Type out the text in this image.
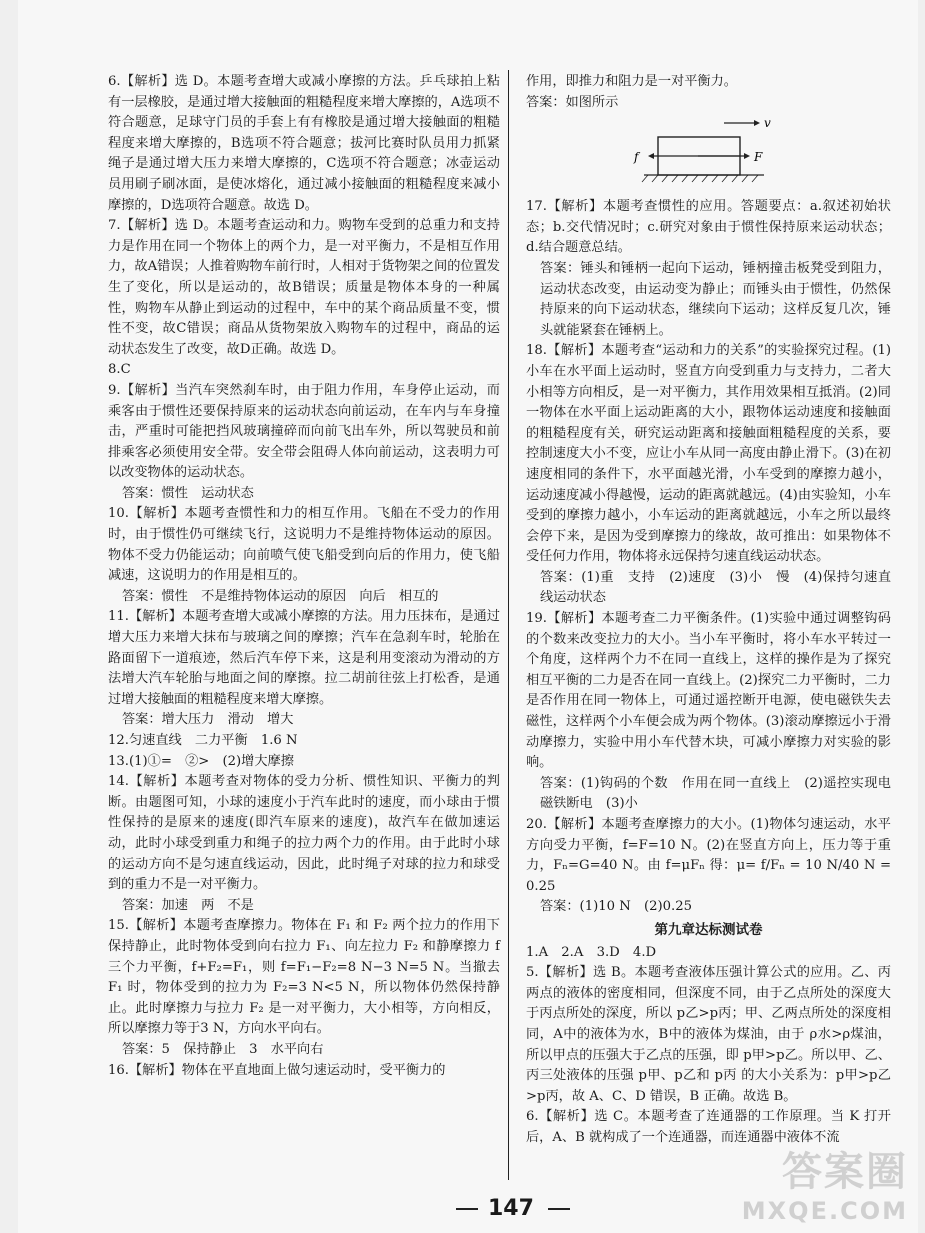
6.【解析】选 D。本题考查增大或减小摩擦的方法。乒乓球拍上粘有一层橡胶，是通过增大接触面的粗糙程度来增大摩擦的，A选项不符合题意，足球守门员的手套上有有橡胶是通过增大接触面的粗糙程度来增大摩擦的，B选项不符合题意；拔河比赛时队员用力抓紧绳子是通过增大压力来增大摩擦的，C选项不符合题意；冰壶运动员用刷子刷冰面，是使冰熔化，通过减小接触面的粗糙程度来减小摩擦的，D选项符合题意。故选 D。

7.【解析】选 D。本题考查运动和力。购物车受到的总重力和支持力是作用在同一个物体上的两个力，是一对平衡力，不是相互作用力，故A错误；人推着购物车前行时，人相对于货物架之间的位置发生了变化，所以是运动的，故B错误；质量是物体本身的一种属性，购物车从静止到运动的过程中，车中的某个商品质量不变，惯性不变，故C错误；商品从货物架放入购物车的过程中，商品的运动状态发生了改变，故D正确。故选 D。

8.C

9.【解析】当汽车突然刹车时，由于阻力作用，车身停止运动，而乘客由于惯性还要保持原来的运动状态向前运动，在车内与车身撞击，严重时可能把挡风玻璃撞碎而向前飞出车外，所以驾驶员和前排乘客必须使用安全带。安全带会阻碍人体向前运动，这表明力可以改变物体的运动状态。

答案：惯性　运动状态

10.【解析】本题考查惯性和力的相互作用。飞船在不受力的作用时，由于惯性仍可继续飞行，这说明力不是维持物体运动的原因。物体不受力仍能运动；向前喷气使飞船受到向后的作用力，使飞船减速，这说明力的作用是相互的。

答案：惯性　不是维持物体运动的原因　向后　相互的

11.【解析】本题考查增大或减小摩擦的方法。用力压抹布，是通过增大压力来增大抹布与玻璃之间的摩擦；汽车在急刹车时，轮胎在路面留下一道痕迹，然后汽车停下来，这是利用变滚动为滑动的方法增大汽车轮胎与地面之间的摩擦。拉二胡前往弦上打松香，是通过增大接触面的粗糙程度来增大摩擦。

答案：增大压力　滑动　增大

12.匀速直线　二力平衡　1.6 N

13.(1)①=　②>　(2)增大摩擦

14.【解析】本题考查对物体的受力分析、惯性知识、平衡力的判断。由题图可知，小球的速度小于汽车此时的速度，而小球由于惯性保持的是原来的速度(即汽车原来的速度)，故汽车在做加速运动，此时小球受到重力和绳子的拉力两个力的作用。由于此时小球的运动方向不是匀速直线运动，因此，此时绳子对球的拉力和球受到的重力不是一对平衡力。

答案：加速　两　不是

15.【解析】本题考查摩擦力。物体在 F₁ 和 F₂ 两个拉力的作用下保持静止，此时物体受到向右拉力 F₁、向左拉力 F₂ 和静摩擦力 f 三个力平衡，f+F₂=F₁，则 f=F₁−F₂=8 N−3 N=5 N。当撤去 F₁ 时，物体受到的拉力为 F₂=3 N<5 N，所以物体仍然保持静止。此时摩擦力与拉力 F₂ 是一对平衡力，大小相等，方向相反，所以摩擦力等于3 N，方向水平向右。

答案：5　保持静止　3　水平向右

16.【解析】物体在平直地面上做匀速运动时，受平衡力的

作用，即推力和阻力是一对平衡力。

答案：如图所示

v
f	F

17.【解析】本题考查惯性的应用。答题要点：a.叙述初始状态；b.交代情况时；c.研究对象由于惯性保持原来运动状态；d.结合题意总结。

答案：锤头和锤柄一起向下运动，锤柄撞击板凳受到阻力，运动状态改变，由运动变为静止；而锤头由于惯性，仍然保持原来的向下运动状态，继续向下运动；这样反复几次，锤头就能紧套在锤柄上。

18.【解析】本题考查“运动和力的关系”的实验探究过程。(1)小车在水平面上运动时，竖直方向受到重力与支持力，二者大小相等方向相反，是一对平衡力，其作用效果相互抵消。(2)同一物体在水平面上运动距离的大小，跟物体运动速度和接触面的粗糙程度有关，研究运动距离和接触面粗糙程度的关系，要控制速度大小不变，应让小车从同一高度由静止滑下。(3)在初速度相同的条件下，水平面越光滑，小车受到的摩擦力越小，运动速度减小得越慢，运动的距离就越远。(4)由实验知，小车受到的摩擦力越小，小车运动的距离就越远，小车之所以最终会停下来，是因为受到摩擦力的缘故，故可推出：如果物体不受任何力作用，物体将永远保持匀速直线运动状态。

答案：(1)重　支持　(2)速度　(3)小　慢　(4)保持匀速直线运动状态

19.【解析】本题考查二力平衡条件。(1)实验中通过调整钩码的个数来改变拉力的大小。当小车平衡时，将小车水平转过一个角度，这样两个力不在同一直线上，这样的操作是为了探究相互平衡的二力是否在同一直线上。(2)探究二力平衡时，二力是否作用在同一物体上，可通过遥控断开电源，使电磁铁失去磁性，这样两个小车便会成为两个物体。(3)滚动摩擦远小于滑动摩擦力，实验中用小车代替木块，可减小摩擦力对实验的影响。

答案：(1)钩码的个数　作用在同一直线上　(2)遥控实现电磁铁断电　(3)小

20.【解析】本题考查摩擦力的大小。(1)物体匀速运动，水平方向受力平衡，f=F=10 N。(2)在竖直方向上，压力等于重力，Fₙ=G=40 N。由 f=μFₙ 得：μ= f/Fₙ = 10 N/40 N = 0.25

答案：(1)10 N　(2)0.25

第九章达标测试卷

1.A　2.A　3.D　4.D

5.【解析】选 B。本题考查液体压强计算公式的应用。乙、丙两点的液体的密度相同，但深度不同，由于乙点所处的深度大于丙点所处的深度，所以 p乙>p丙；甲、乙两点所处的深度相同，A中的液体为水，B中的液体为煤油，由于 ρ水>ρ煤油，所以甲点的压强大于乙点的压强，即 p甲>p乙。所以甲、乙、丙三处液体的压强 p甲、p乙和 p丙 的大小关系为：p甲>p乙>p丙，故 A、C、D 错误，B 正确。故选 B。

6.【解析】选 C。本题考查了连通器的工作原理。当 K 打开后，A、B 就构成了一个连通器，而连通器中液体不流

147
答案圈
MXQE.COM
